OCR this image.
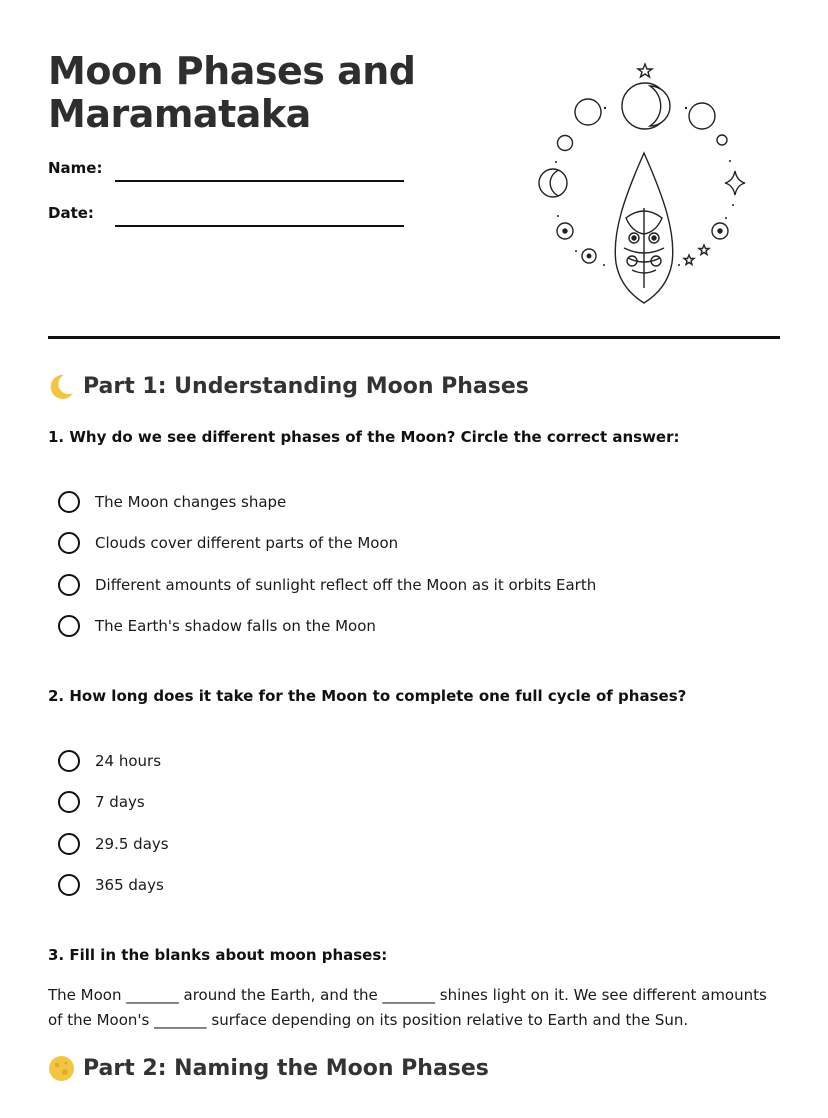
Moon Phases and
Maramataka
Name:
Date:
Part 1: Understanding Moon Phases
1. Why do we see different phases of the Moon? Circle the correct answer:
The Moon changes shape
Clouds cover different parts of the Moon
Different amounts of sunlight reflect off the Moon as it orbits Earth
The Earth's shadow falls on the Moon
2. How long does it take for the Moon to complete one full cycle of phases?
24 hours
7 days
29.5 days
365 days
3. Fill in the blanks about moon phases:
The Moon _______ around the Earth, and the _______ shines light on it. We see different amounts of the Moon's _______ surface depending on its position relative to Earth and the Sun.
Part 2: Naming the Moon Phases
